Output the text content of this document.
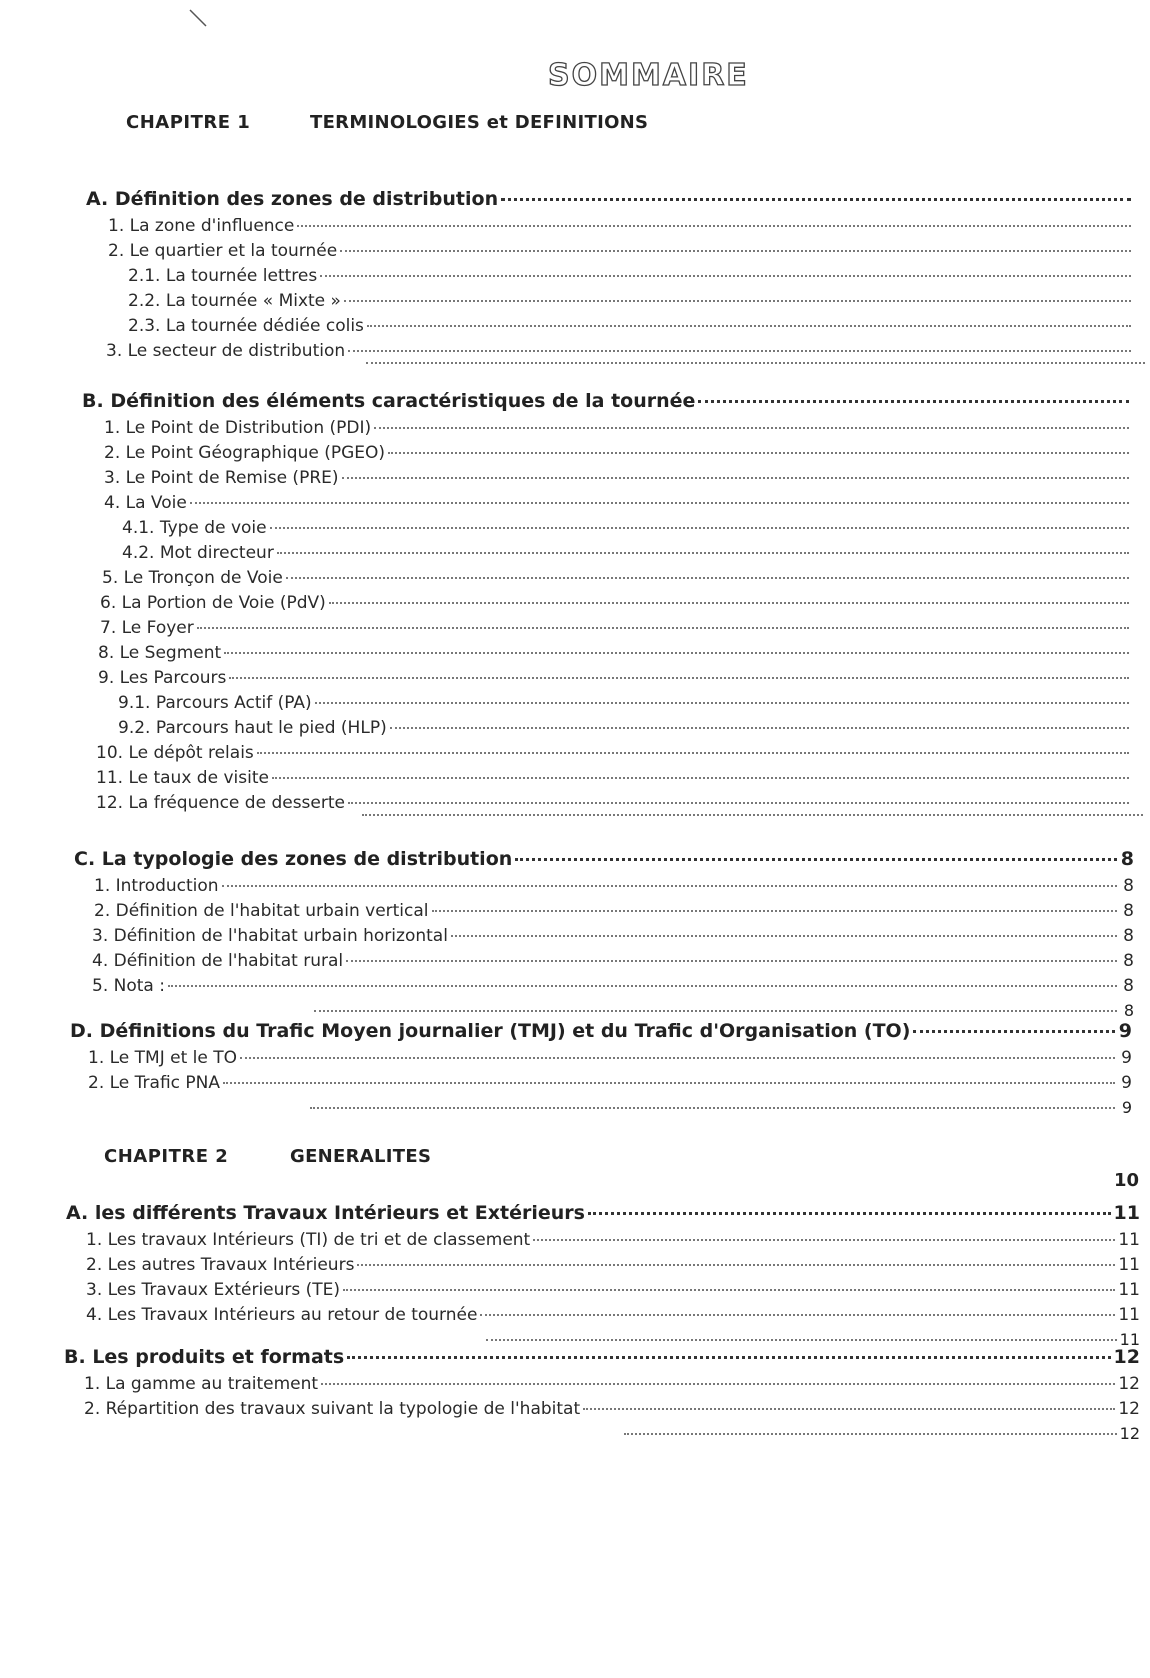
SOMMAIRE
CHAPITRE 1	TERMINOLOGIES et DEFINITIONS
A. Définition des zones de distribution
1. La zone d'influence
2. Le quartier et la tournée
2.1. La tournée lettres
2.2. La tournée « Mixte »
2.3. La tournée dédiée colis
3. Le secteur de distribution
B. Définition des éléments caractéristiques de la tournée
1. Le Point de Distribution (PDI)
2. Le Point Géographique (PGEO)
3. Le Point de Remise (PRE)
4. La Voie
4.1. Type de voie
4.2. Mot directeur
5. Le Tronçon de Voie
6. La Portion de Voie (PdV)
7. Le Foyer
8. Le Segment
9. Les Parcours
9.1. Parcours Actif (PA)
9.2. Parcours haut le pied (HLP)
10. Le dépôt relais
11. Le taux de visite
12. La fréquence de desserte
C. La typologie des zones de distribution	8
1. Introduction	8
2. Définition de l'habitat urbain vertical	8
3. Définition de l'habitat urbain horizontal	8
4. Définition de l'habitat rural	8
5. Nota :	8
8
D. Définitions du Trafic Moyen journalier (TMJ) et du Trafic d'Organisation (TO)	9
1. Le TMJ et le TO	9
2. Le Trafic PNA	9
9
CHAPITRE 2	GENERALITES
10
A. les différents Travaux Intérieurs et Extérieurs	11
1. Les travaux Intérieurs (TI) de tri et de classement	11
2. Les autres Travaux Intérieurs	11
3. Les Travaux Extérieurs (TE)	11
4. Les Travaux Intérieurs au retour de tournée	11
11
B. Les produits et formats	12
1. La gamme au traitement	12
2. Répartition des travaux suivant la typologie de l'habitat	12
12
